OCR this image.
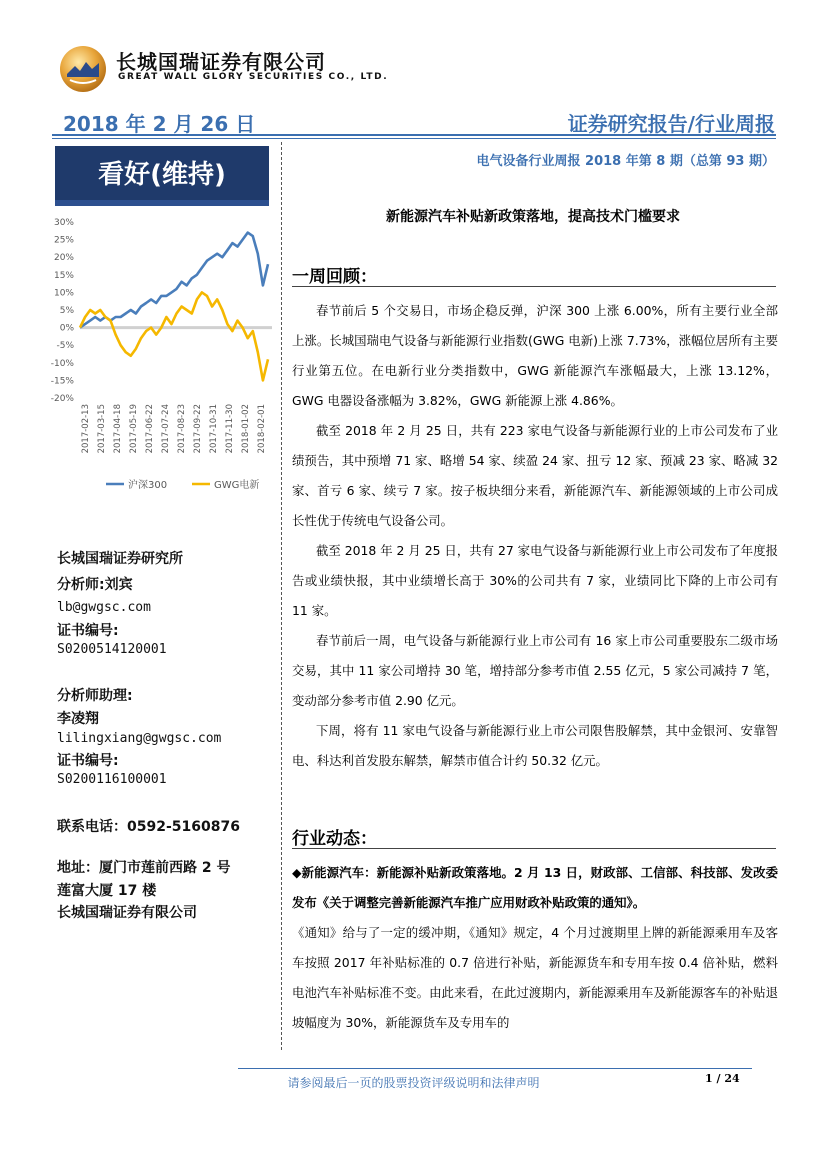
长城国瑞证券有限公司
GREAT WALL GLORY SECURITIES CO., LTD.
2018 年 2 月 26 日	证券研究报告/行业周报
看好(维持)
30%
25%
20%
15%
10%
5%
0%
-5%
-10%
-15%
-20%
2017-02-13 2017-03-15 2017-04-18 2017-05-19 2017-06-22 2017-07-24 2017-08-23 2017-09-22 2017-10-31 2017-11-30 2018-01-02 2018-02-01
沪深300	GWG电新
长城国瑞证券研究所
分析师:刘宾
lb@gwgsc.com
证书编号:
S0200514120001
分析师助理:
李凌翔
lilingxiang@gwgsc.com
证书编号:
S0200116100001
联系电话：0592-5160876
地址：厦门市莲前西路 2 号
莲富大厦 17 楼
长城国瑞证券有限公司
电气设备行业周报 2018 年第 8 期（总第 93 期）
新能源汽车补贴新政策落地，提高技术门槛要求
一周回顾：

春节前后 5 个交易日，市场企稳反弹，沪深 300 上涨 6.00%，所有主要行业全部上涨。长城国瑞电气设备与新能源行业指数(GWG 电新)上涨 7.73%，涨幅位居所有主要行业第五位。在电新行业分类指数中，GWG 新能源汽车涨幅最大，上涨 13.12%，GWG 电器设备涨幅为 3.82%，GWG 新能源上涨 4.86%。

截至 2018 年 2 月 25 日，共有 223 家电气设备与新能源行业的上市公司发布了业绩预告，其中预增 71 家、略增 54 家、续盈 24 家、扭亏 12 家、预减 23 家、略减 32 家、首亏 6 家、续亏 7 家。按子板块细分来看，新能源汽车、新能源领域的上市公司成长性优于传统电气设备公司。

截至 2018 年 2 月 25 日，共有 27 家电气设备与新能源行业上市公司发布了年度报告或业绩快报，其中业绩增长高于 30%的公司共有 7 家，业绩同比下降的上市公司有 11 家。

春节前后一周，电气设备与新能源行业上市公司有 16 家上市公司重要股东二级市场交易，其中 11 家公司增持 30 笔，增持部分参考市值 2.55 亿元，5 家公司减持 7 笔，变动部分参考市值 2.90 亿元。

下周，将有 11 家电气设备与新能源行业上市公司限售股解禁，其中金银河、安靠智电、科达利首发股东解禁，解禁市值合计约 50.32 亿元。

行业动态：

◆新能源汽车：新能源补贴新政策落地。2 月 13 日，财政部、工信部、科技部、发改委发布《关于调整完善新能源汽车推广应用财政补贴政策的通知》。

《通知》给与了一定的缓冲期，《通知》规定，4 个月过渡期里上牌的新能源乘用车及客车按照 2017 年补贴标准的 0.7 倍进行补贴，新能源货车和专用车按 0.4 倍补贴，燃料电池汽车补贴标准不变。由此来看，在此过渡期内，新能源乘用车及新能源客车的补贴退坡幅度为 30%，新能源货车及专用车的

请参阅最后一页的股票投资评级说明和法律声明	1 / 24
